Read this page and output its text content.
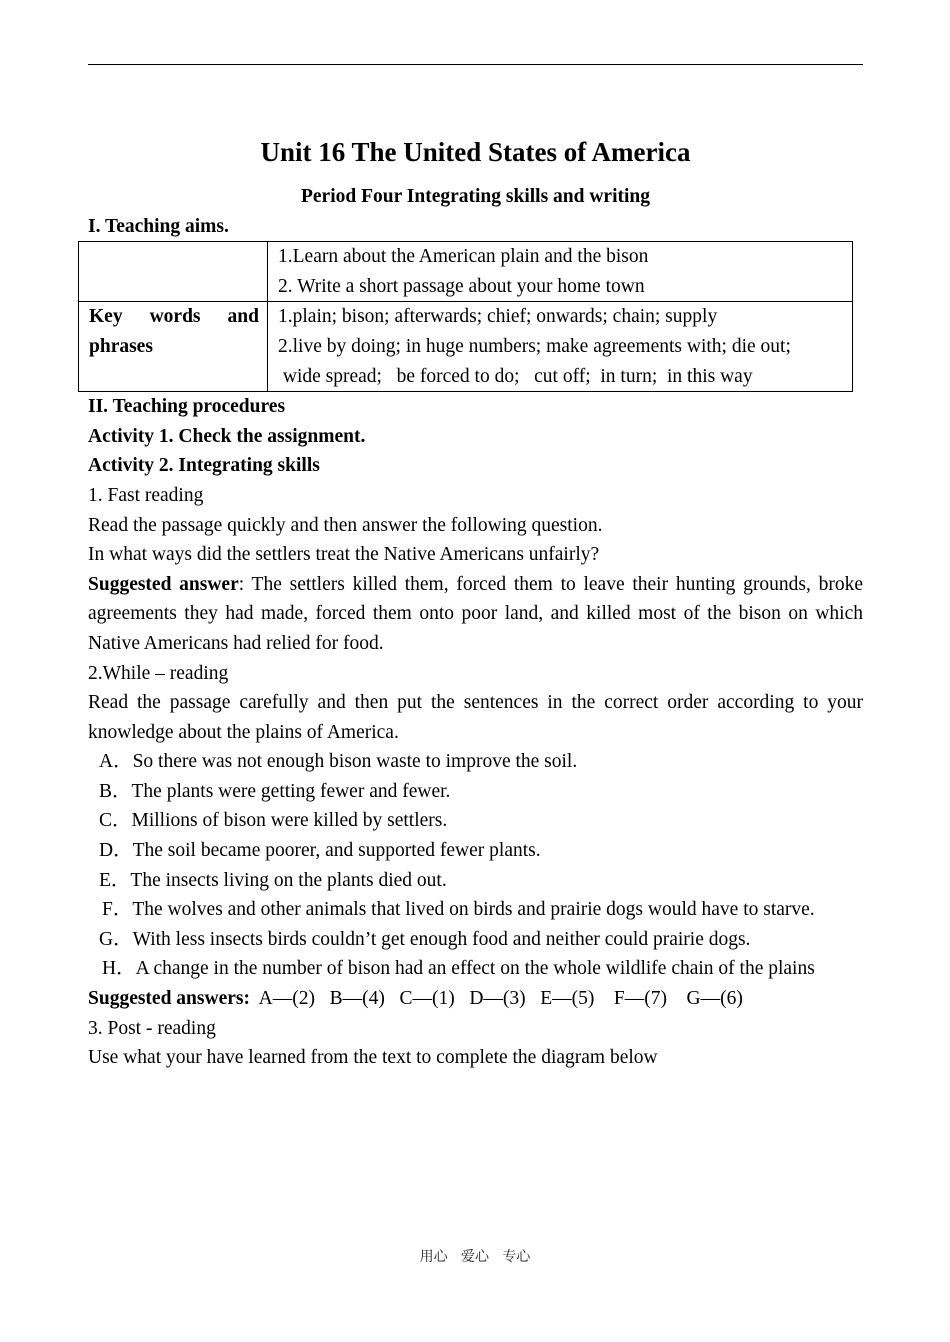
Unit 16 The United States of America
Period Four Integrating skills and writing

I. Teaching aims.

	1.Learn about the American plain and the bison
2. Write a short passage about your home town

Key words and phrases	1.plain; bison; afterwards; chief; onwards; chain; supply
2.live by doing; in huge numbers; make agreements with; die out;
wide spread;   be forced to do;   cut off;  in turn;  in this way

II. Teaching procedures

Activity 1. Check the assignment.

Activity 2. Integrating skills

1. Fast reading

Read the passage quickly and then answer the following question.

In what ways did the settlers treat the Native Americans unfairly?

Suggested answer: The settlers killed them, forced them to leave their hunting grounds, broke agreements they had made, forced them onto poor land, and killed most of the bison on which Native Americans had relied for food.

2.While – reading

Read the passage carefully and then put the sentences in the correct order according to your knowledge about the plains of America.

A．So there was not enough bison waste to improve the soil.

B．The plants were getting fewer and fewer.

C．Millions of bison were killed by settlers.

D．The soil became poorer, and supported fewer plants.

E．The insects living on the plants died out.

F．The wolves and other animals that lived on birds and prairie dogs would have to starve.

G．With less insects birds couldn’t get enough food and neither could prairie dogs.

H．A change in the number of bison had an effect on the whole wildlife chain of the plains

Suggested answers:  A—(2)   B—(4)   C—(1)   D—(3)   E—(5)    F—(7)    G—(6)

3. Post - reading

Use what your have learned from the text to complete the diagram below

用心   爱心   专心
